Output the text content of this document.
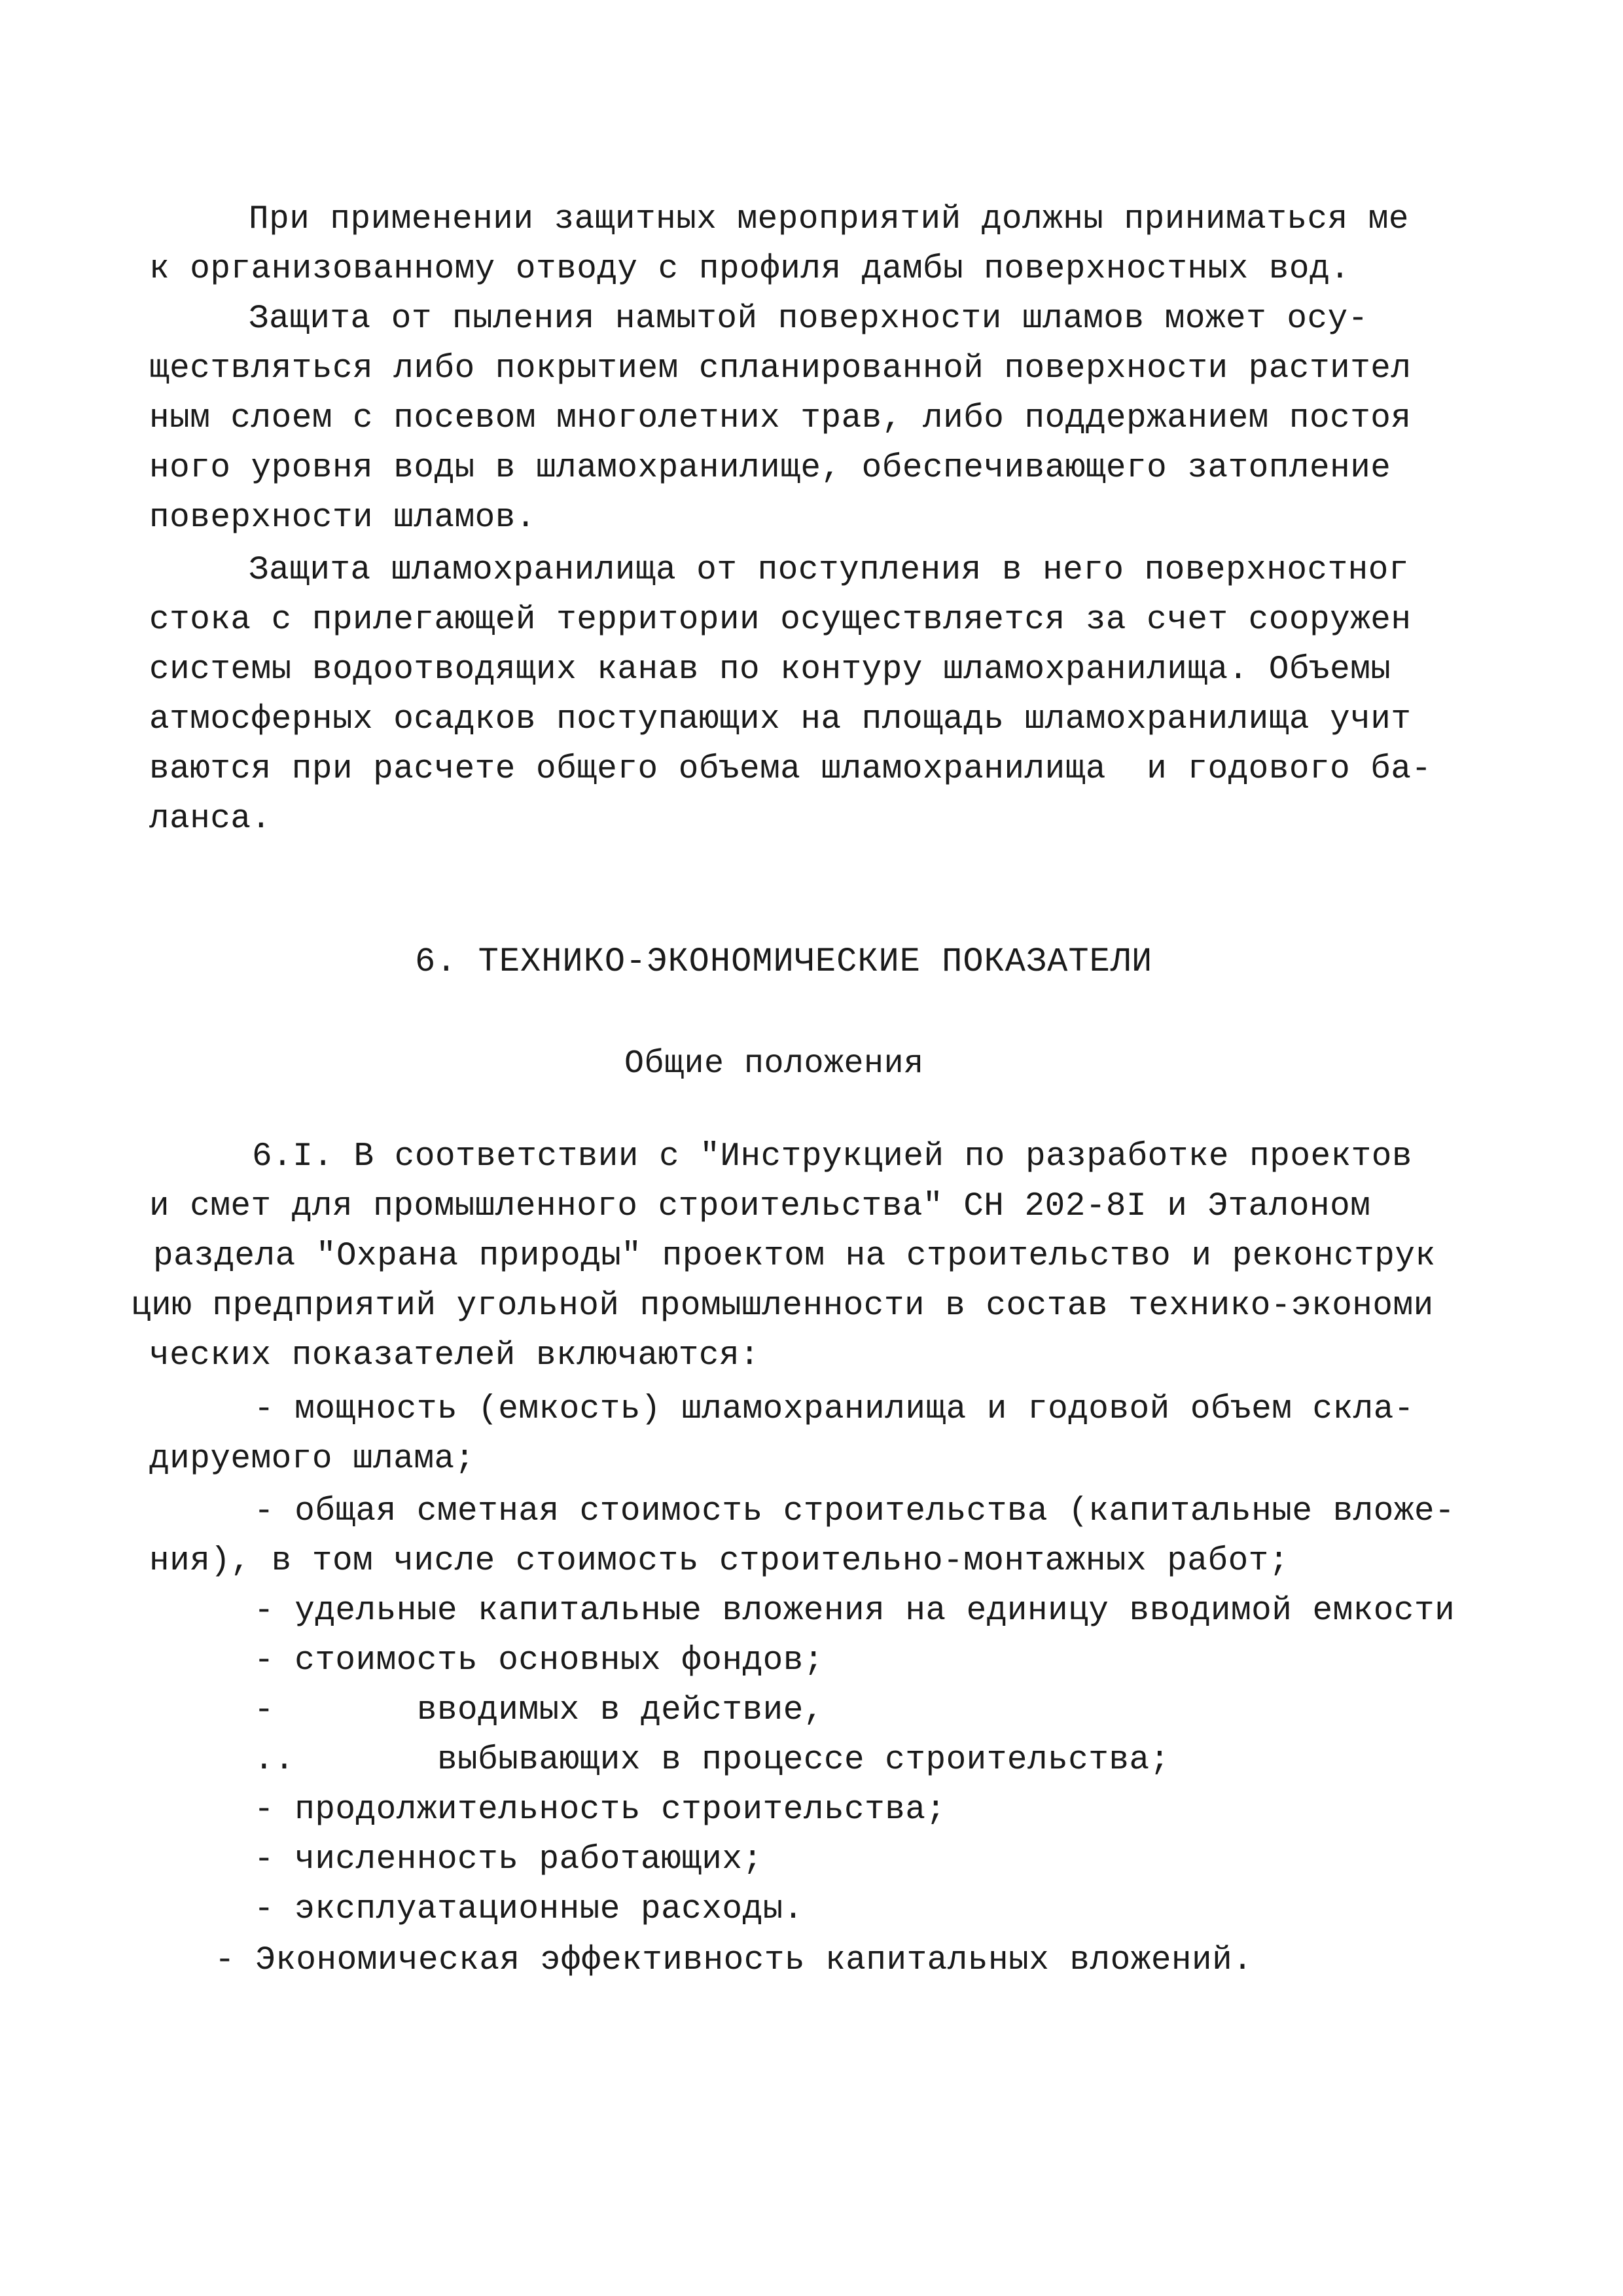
При применении защитных мероприятий должны приниматься ме
к организованному отводу с профиля дамбы поверхностных вод.
Защита от пыления намытой поверхности шламов может осу-
ществляться либо покрытием спланированной поверхности растител
ным слоем с посевом многолетних трав, либо поддержанием постоя
ного уровня воды в шламохранилище, обеспечивающего затопление
поверхности шламов.
Защита шламохранилища от поступления в него поверхностног
стока с прилегающей территории осуществляется за счет сооружен
системы водоотводящих канав по контуру шламохранилища. Объемы
атмосферных осадков поступающих на площадь шламохранилища учит
ваются при расчете общего объема шламохранилища  и годового ба-
ланса.
6. ТЕХНИКО-ЭКОНОМИЧЕСКИЕ ПОКАЗАТЕЛИ
Общие положения
6.I. В соответствии с "Инструкцией по разработке проектов
и смет для промышленного строительства" СН 202-8I и Эталоном
раздела "Охрана природы" проектом на строительство и реконструк
цию предприятий угольной промышленности в состав технико-экономи
ческих показателей включаются:
- мощность (емкость) шламохранилища и годовой объем скла-
дируемого шлама;
- общая сметная стоимость строительства (капитальные вложе-
ния), в том числе стоимость строительно-монтажных работ;
- удельные капитальные вложения на единицу вводимой емкости
- стоимость основных фондов;
-       вводимых в действие,
..       выбывающих в процессе строительства;
- продолжительность строительства;
- численность работающих;
- эксплуатационные расходы.
- Экономическая эффективность капитальных вложений.
